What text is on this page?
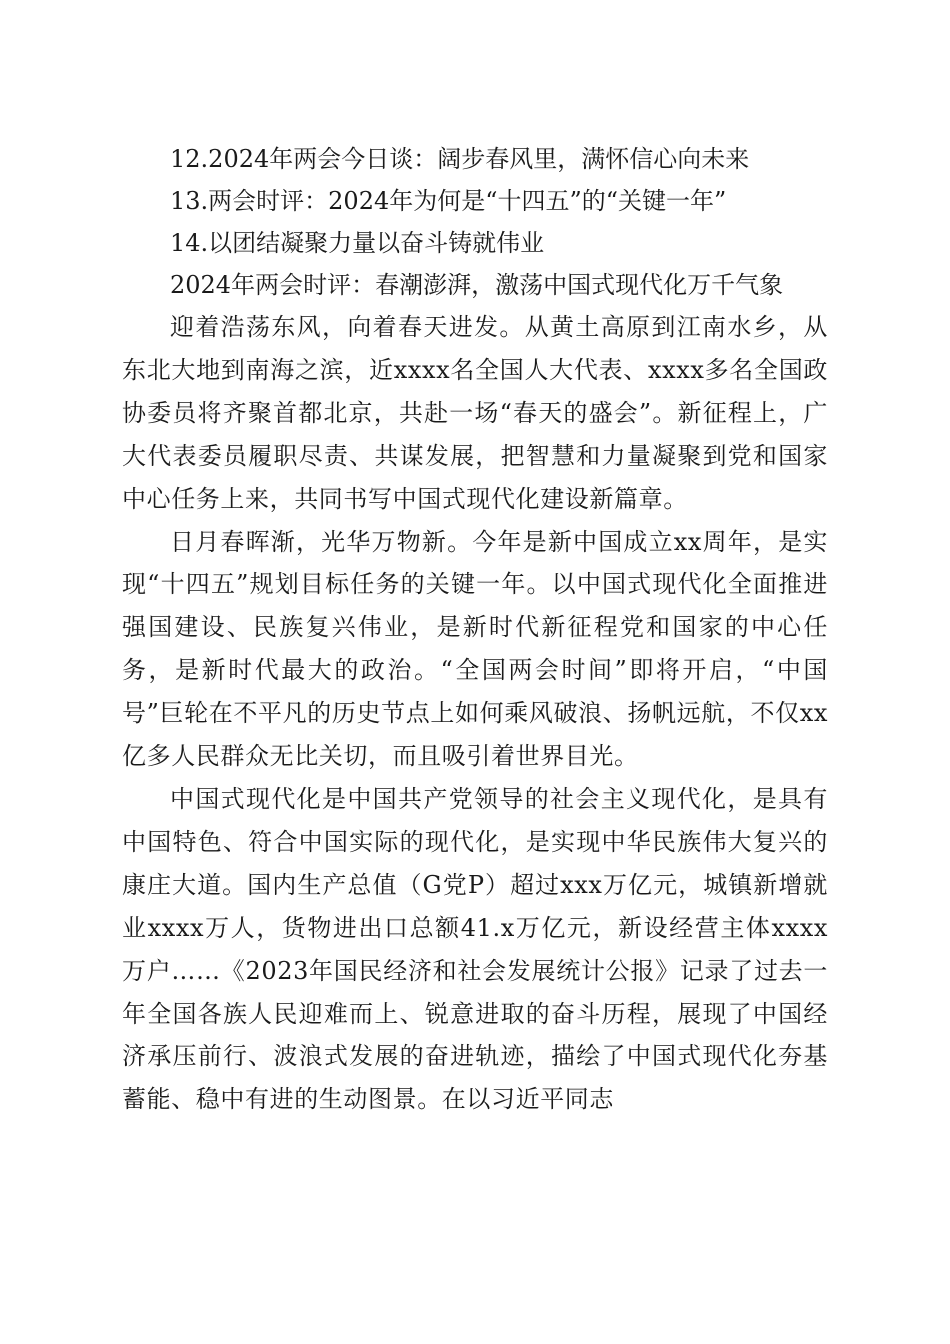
12.2024年两会今日谈：阔步春风里，满怀信心向未来

13.两会时评：2024年为何是“十四五”的“关键一年”

14.以团结凝聚力量以奋斗铸就伟业

2024年两会时评：春潮澎湃，激荡中国式现代化万千气象

迎着浩荡东风，向着春天进发。从黄土高原到江南水乡，从东北大地到南海之滨，近xxxx名全国人大代表、xxxx多名全国政协委员将齐聚首都北京，共赴一场“春天的盛会”。新征程上，广大代表委员履职尽责、共谋发展，把智慧和力量凝聚到党和国家中心任务上来，共同书写中国式现代化建设新篇章。

日月春晖渐，光华万物新。今年是新中国成立xx周年，是实现“十四五”规划目标任务的关键一年。以中国式现代化全面推进强国建设、民族复兴伟业，是新时代新征程党和国家的中心任务，是新时代最大的政治。“全国两会时间”即将开启，“中国号”巨轮在不平凡的历史节点上如何乘风破浪、扬帆远航，不仅xx亿多人民群众无比关切，而且吸引着世界目光。

中国式现代化是中国共产党领导的社会主义现代化，是具有中国特色、符合中国实际的现代化，是实现中华民族伟大复兴的康庄大道。国内生产总值（G党P）超过xxx万亿元，城镇新增就业xxxx万人，货物进出口总额41.x万亿元，新设经营主体xxxx万户……《2023年国民经济和社会发展统计公报》记录了过去一年全国各族人民迎难而上、锐意进取的奋斗历程，展现了中国经济承压前行、波浪式发展的奋进轨迹，描绘了中国式现代化夯基蓄能、稳中有进的生动图景。在以习近平同志
